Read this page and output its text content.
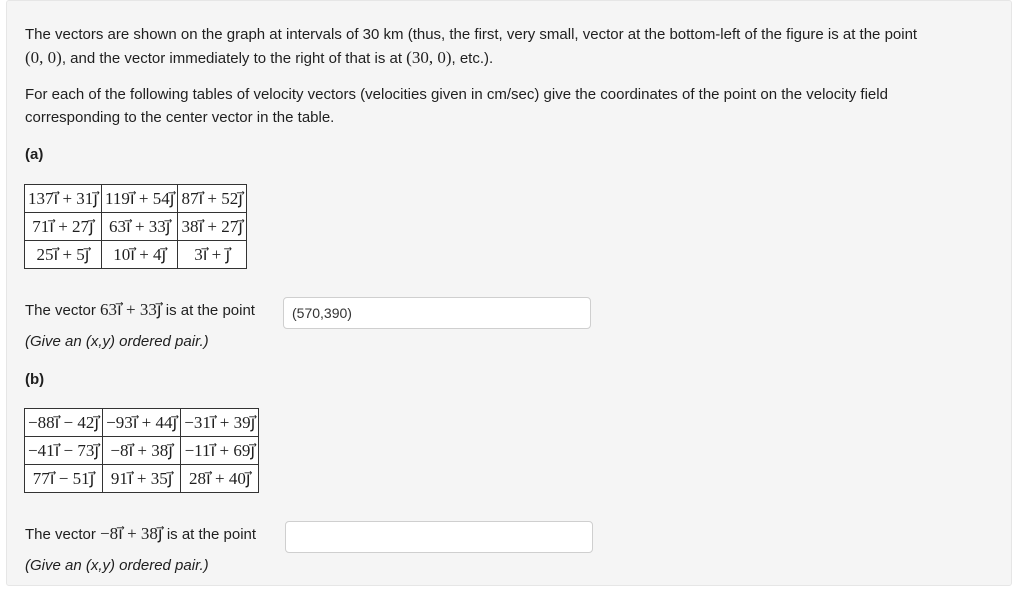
The vectors are shown on the graph at intervals of 30 km (thus, the first, very small, vector at the bottom-left of the figure is at the point
(0, 0), and the vector immediately to the right of that is at (30, 0), etc.).
For each of the following tables of velocity vectors (velocities given in cm/sec) give the coordinates of the point on the velocity field corresponding to the center vector in the table.
(a)
137i⃗ + 31j⃗	119i⃗ + 54j⃗	87i⃗ + 52j⃗
71i⃗ + 27j⃗	63i⃗ + 33j⃗	38i⃗ + 27j⃗
25i⃗ + 5j⃗	10i⃗ + 4j⃗	3i⃗ + j⃗
The vector 63i⃗ + 33j⃗ is at the point
(570,390)
(Give an (x,y) ordered pair.)
(b)
−88i⃗ − 42j⃗	−93i⃗ + 44j⃗	−31i⃗ + 39j⃗
−41i⃗ − 73j⃗	−8i⃗ + 38j⃗	−11i⃗ + 69j⃗
77i⃗ − 51j⃗	91i⃗ + 35j⃗	28i⃗ + 40j⃗
The vector −8i⃗ + 38j⃗ is at the point
(Give an (x,y) ordered pair.)
